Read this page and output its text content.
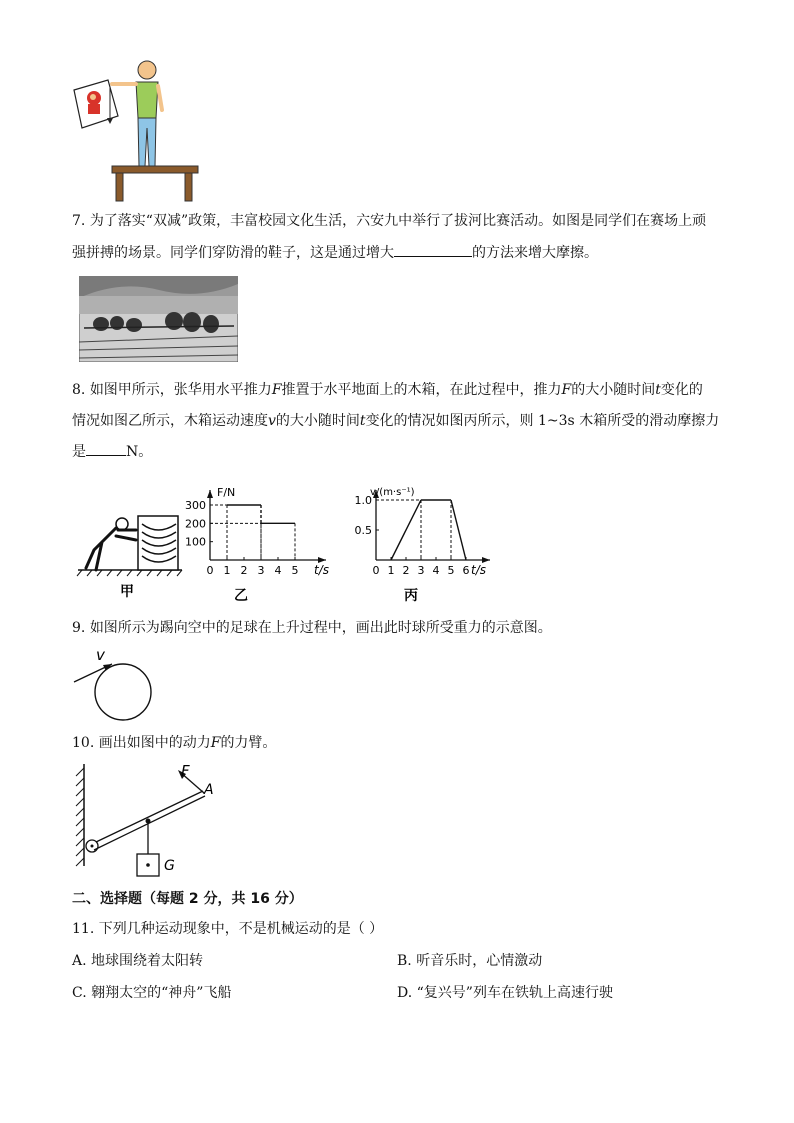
7. 为了落实“双减”政策，丰富校园文化生活，六安九中举行了拔河比赛活动。如图是同学们在赛场上顽
强拼搏的场景。同学们穿防滑的鞋子，这是通过增大	的方法来增大摩擦。
8. 如图甲所示，张华用水平推力F推置于水平地面上的木箱，在此过程中，推力F的大小随时间t变化的
情况如图乙所示，木箱运动速度v的大小随时间t变化的情况如图丙所示，则 1~3s 木箱所受的滑动摩擦力
是	N。
甲
F/N
t/s
乙
0 1 2 3 4 5
300
200
100
v/(m·s⁻¹)
t/s
丙
0 1 2 3 4 5 6
1.0
0.5
9. 如图所示为踢向空中的足球在上升过程中，画出此时球所受重力的示意图。
v
10. 画出如图中的动力F的力臂。
F
A
G
二、选择题（每题 2 分，共 16 分）
11. 下列几种运动现象中，不是机械运动的是（ ）
A. 地球围绕着太阳转	B. 听音乐时，心情激动
C. 翱翔太空的“神舟”飞船	D. “复兴号”列车在铁轨上高速行驶
